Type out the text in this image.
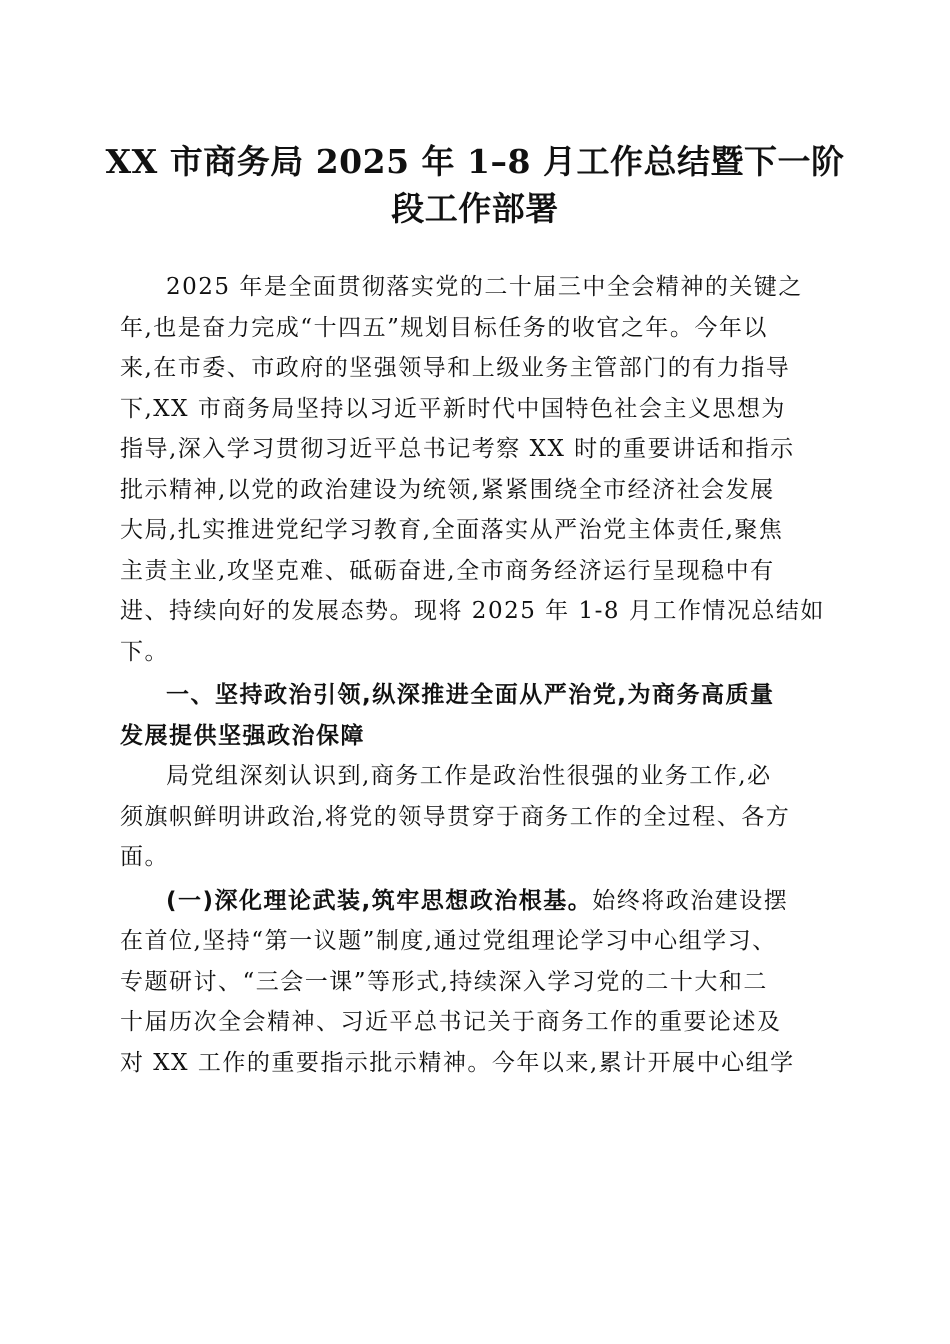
XX 市商务局 2025 年 1–8 月工作总结暨下一阶
段工作部署

2025 年是全面贯彻落实党的二十届三中全会精神的关键之
年,也是奋力完成“十四五”规划目标任务的收官之年。今年以
来,在市委、市政府的坚强领导和上级业务主管部门的有力指导
下,XX 市商务局坚持以习近平新时代中国特色社会主义思想为
指导,深入学习贯彻习近平总书记考察 XX 时的重要讲话和指示
批示精神,以党的政治建设为统领,紧紧围绕全市经济社会发展
大局,扎实推进党纪学习教育,全面落实从严治党主体责任,聚焦
主责主业,攻坚克难、砥砺奋进,全市商务经济运行呈现稳中有
进、持续向好的发展态势。现将 2025 年 1-8 月工作情况总结如
下。

一、坚持政治引领,纵深推进全面从严治党,为商务高质量
发展提供坚强政治保障

局党组深刻认识到,商务工作是政治性很强的业务工作,必
须旗帜鲜明讲政治,将党的领导贯穿于商务工作的全过程、各方
面。

(一)深化理论武装,筑牢思想政治根基。始终将政治建设摆
在首位,坚持“第一议题”制度,通过党组理论学习中心组学习、
专题研讨、“三会一课”等形式,持续深入学习党的二十大和二
十届历次全会精神、习近平总书记关于商务工作的重要论述及
对 XX 工作的重要指示批示精神。今年以来,累计开展中心组学
